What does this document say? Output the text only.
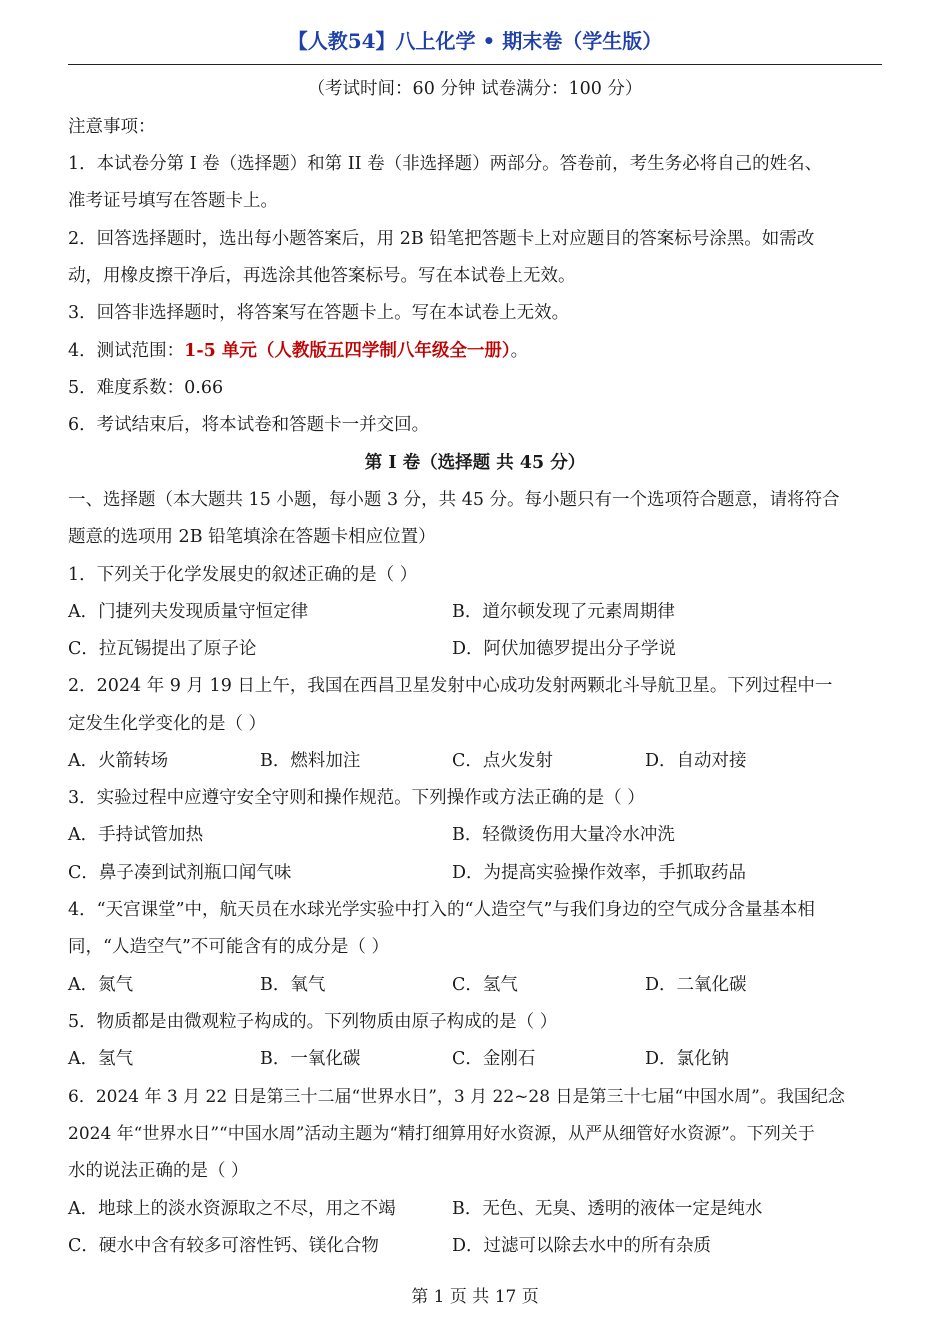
【人教54】八上化学 • 期末卷（学生版）
（考试时间：60 分钟 试卷满分：100 分）
注意事项：
1．本试卷分第 I 卷（选择题）和第 II 卷（非选择题）两部分。答卷前，考生务必将自己的姓名、
准考证号填写在答题卡上。
2．回答选择题时，选出每小题答案后，用 2B 铅笔把答题卡上对应题目的答案标号涂黑。如需改
动，用橡皮擦干净后，再选涂其他答案标号。写在本试卷上无效。
3．回答非选择题时，将答案写在答题卡上。写在本试卷上无效。
4．测试范围：1-5 单元（人教版五四学制八年级全一册）。
5．难度系数：0.66
6．考试结束后，将本试卷和答题卡一并交回。
第 I 卷（选择题 共 45 分）
一、选择题（本大题共 15 小题，每小题 3 分，共 45 分。每小题只有一个选项符合题意，请将符合
题意的选项用 2B 铅笔填涂在答题卡相应位置）
1．下列关于化学发展史的叙述正确的是（ ）
A．门捷列夫发现质量守恒定律	B．道尔顿发现了元素周期律
C．拉瓦锡提出了原子论	D．阿伏加德罗提出分子学说
2．2024 年 9 月 19 日上午，我国在西昌卫星发射中心成功发射两颗北斗导航卫星。下列过程中一
定发生化学变化的是（ ）
A．火箭转场	B．燃料加注	C．点火发射	D．自动对接
3．实验过程中应遵守安全守则和操作规范。下列操作或方法正确的是（ ）
A．手持试管加热	B．轻微烫伤用大量冷水冲洗
C．鼻子凑到试剂瓶口闻气味	D．为提高实验操作效率，手抓取药品
4．“天宫课堂”中，航天员在水球光学实验中打入的“人造空气”与我们身边的空气成分含量基本相
同，“人造空气”不可能含有的成分是（ ）
A．氮气	B．氧气	C．氢气	D．二氧化碳
5．物质都是由微观粒子构成的。下列物质由原子构成的是（ ）
A．氢气	B．一氧化碳	C．金刚石	D．氯化钠
6．2024 年 3 月 22 日是第三十二届“世界水日”，3 月 22~28 日是第三十七届“中国水周”。我国纪念
2024 年“世界水日”“中国水周”活动主题为“精打细算用好水资源，从严从细管好水资源”。下列关于
水的说法正确的是（ ）
A．地球上的淡水资源取之不尽，用之不竭	B．无色、无臭、透明的液体一定是纯水
C．硬水中含有较多可溶性钙、镁化合物	D．过滤可以除去水中的所有杂质
第 1 页 共 17 页
